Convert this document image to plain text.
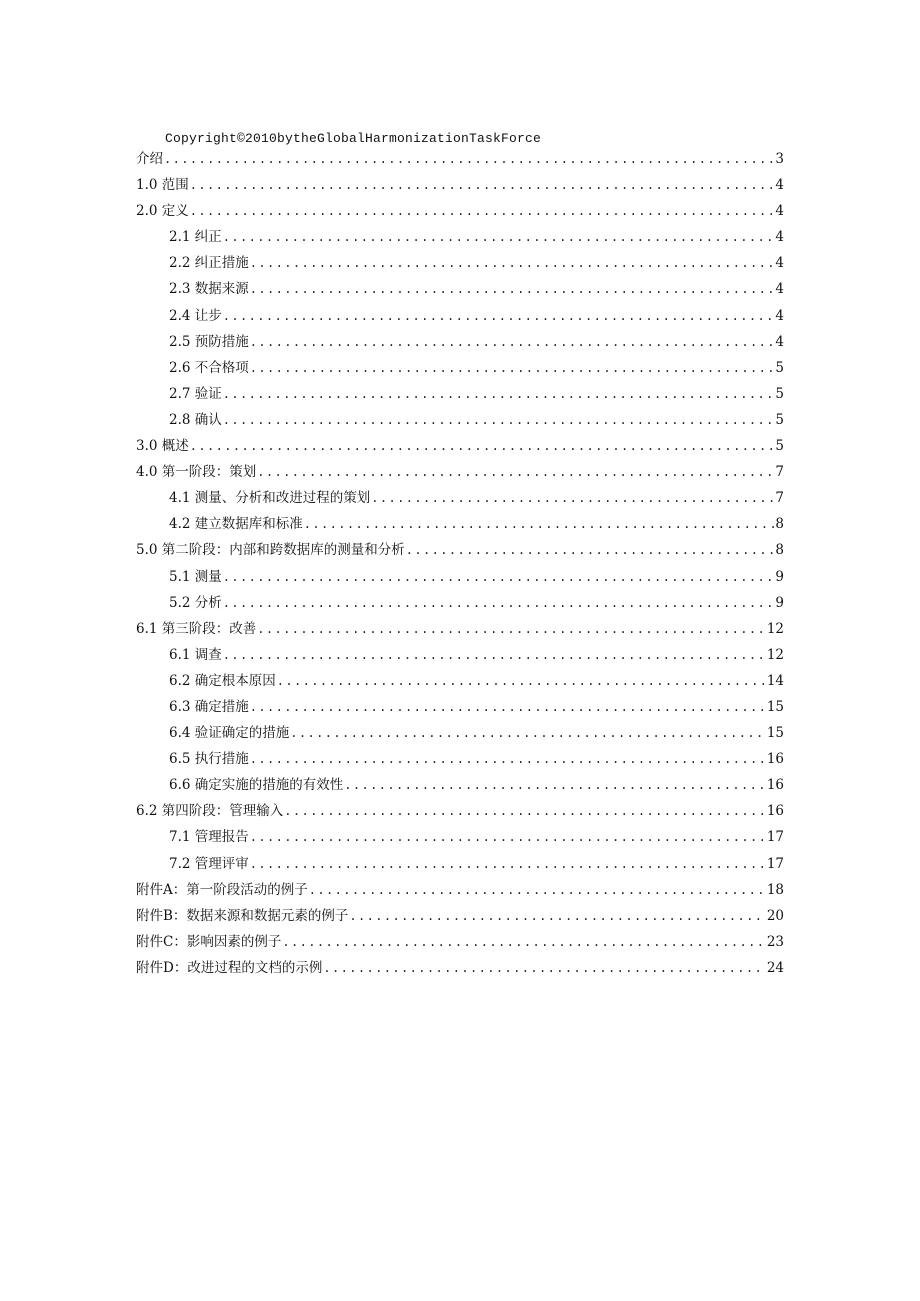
Copyright©2010bytheGlobalHarmonizationTaskForce
介绍 .....	3
1.0 范围 .....	4
2.0 定义 .....	4
2.1 纠正 .....	4
2.2 纠正措施 .....	4
2.3 数据来源 .....	4
2.4 让步 .....	4
2.5 预防措施 .....	4
2.6 不合格项 .....	5
2.7 验证 .....	5
2.8 确认 .....	5
3.0 概述 .....	5
4.0 第一阶段：策划 .....	7
4.1 测量、分析和改进过程的策划 .....	7
4.2 建立数据库和标准 .....	8
5.0 第二阶段：内部和跨数据库的测量和分析 .....	8
5.1 测量 .....	9
5.2 分析 .....	9
6.1 第三阶段：改善 .....	12
6.1 调查 .....	12
6.2 确定根本原因 .....	14
6.3 确定措施 .....	15
6.4 验证确定的措施 .....	15
6.5 执行措施 .....	16
6.6 确定实施的措施的有效性 .....	16
6.2 第四阶段：管理输入 .....	16
7.1 管理报告 .....	17
7.2 管理评审 .....	17
附件A：第一阶段活动的例子 .....	18
附件B：数据来源和数据元素的例子 .....	20
附件C：影响因素的例子 .....	23
附件D：改进过程的文档的示例 .....	24
